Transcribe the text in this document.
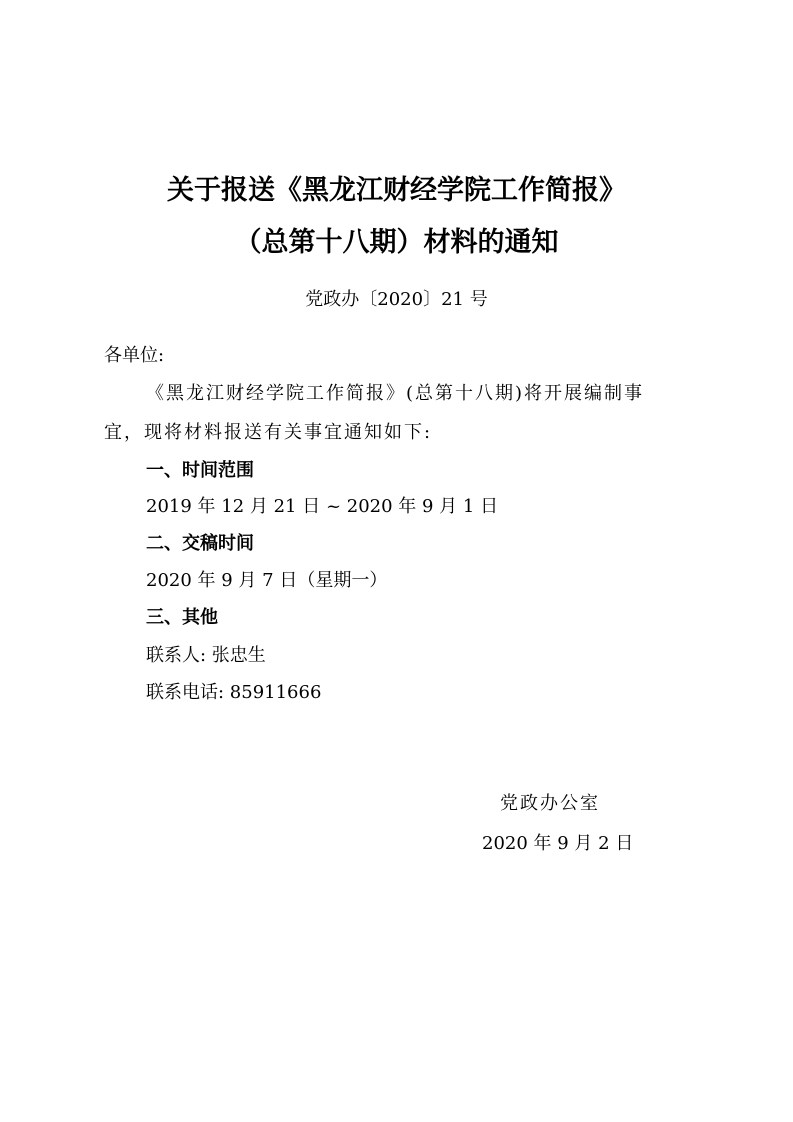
关于报送《黑龙江财经学院工作简报》
（总第十八期）材料的通知
党政办〔2020〕21 号
各单位:
《黑龙江财经学院工作简报》(总第十八期)将开展编制事
宜，现将材料报送有关事宜通知如下:
一、时间范围
2019 年 12 月 21 日 ~ 2020 年 9 月 1 日
二、交稿时间
2020 年 9 月 7 日（星期一）
三、其他
联系人: 张忠生
联系电话: 85911666
党政办公室
2020 年 9 月 2 日
